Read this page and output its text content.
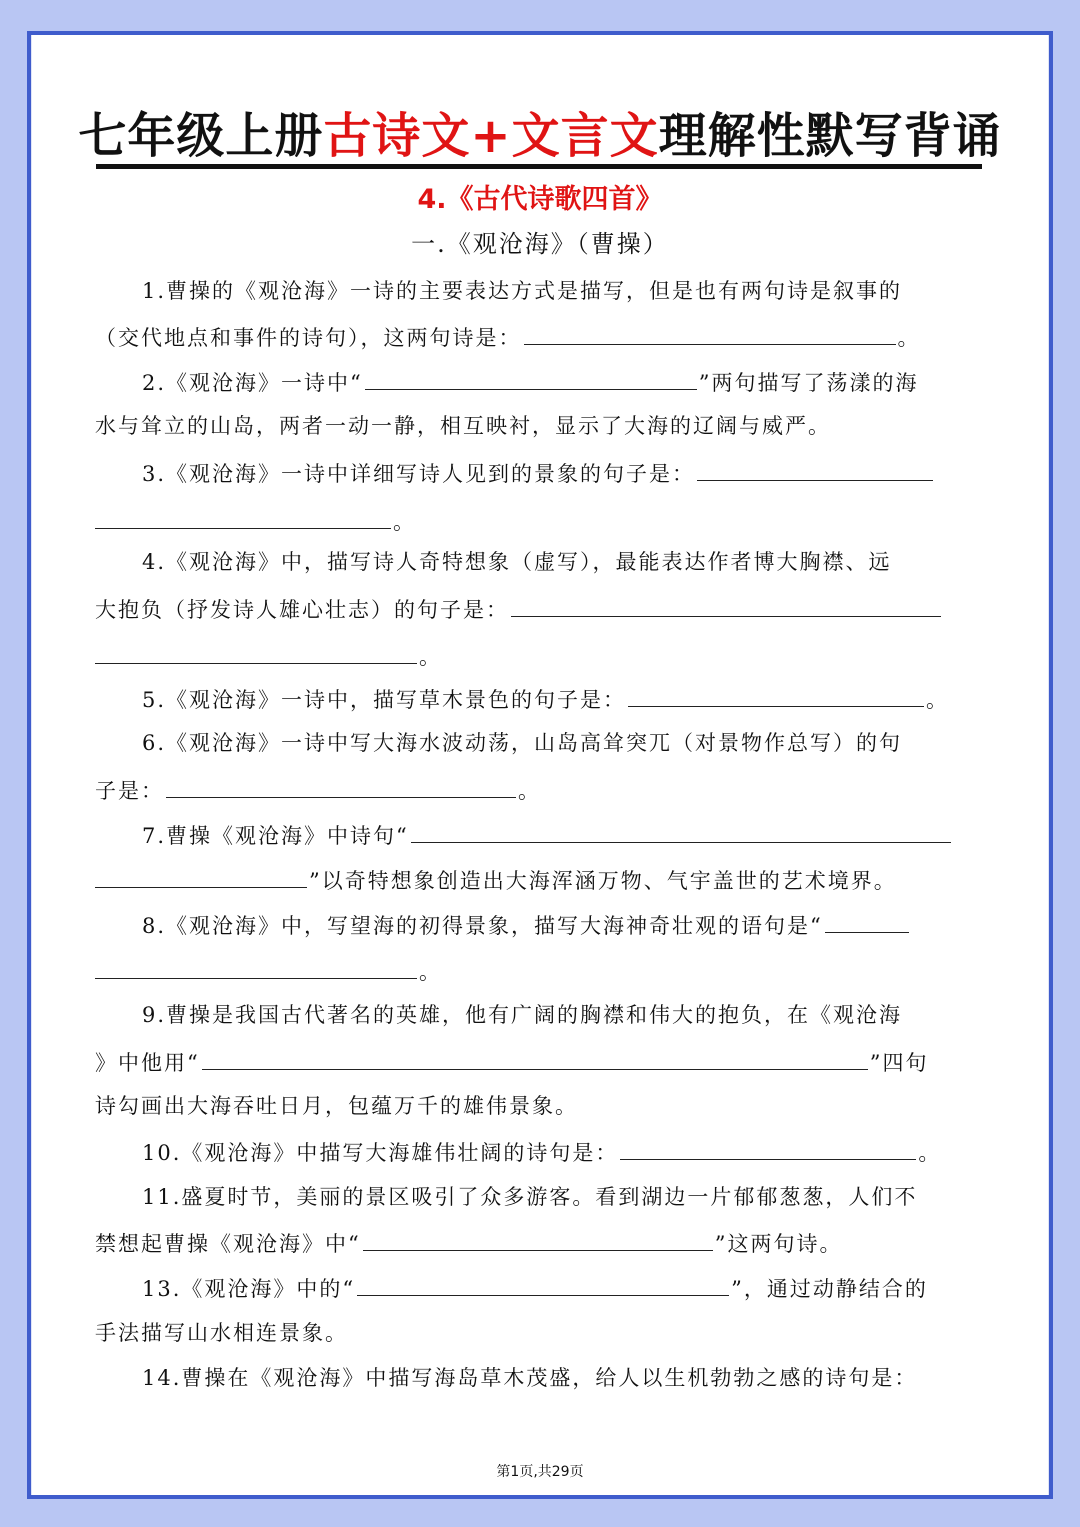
七年级上册古诗文+文言文理解性默写背诵
4.《古代诗歌四首》
一.《观沧海》（曹操）
1.曹操的《观沧海》一诗的主要表达方式是描写，但是也有两句诗是叙事的
（交代地点和事件的诗句），这两句诗是：	。
2.《观沧海》一诗中“	”两句描写了荡漾的海
水与耸立的山岛，两者一动一静，相互映衬，显示了大海的辽阔与威严。
3.《观沧海》一诗中详细写诗人见到的景象的句子是：
。
4.《观沧海》中，描写诗人奇特想象（虚写），最能表达作者博大胸襟、远
大抱负（抒发诗人雄心壮志）的句子是：
。
5.《观沧海》一诗中，描写草木景色的句子是：	。
6.《观沧海》一诗中写大海水波动荡，山岛高耸突兀（对景物作总写）的句
子是：	。
7.曹操《观沧海》中诗句“
”以奇特想象创造出大海浑涵万物、气宇盖世的艺术境界。
8.《观沧海》中，写望海的初得景象，描写大海神奇壮观的语句是“
。
9.曹操是我国古代著名的英雄，他有广阔的胸襟和伟大的抱负，在《观沧海
》中他用“	”四句
诗勾画出大海吞吐日月，包蕴万千的雄伟景象。
10.《观沧海》中描写大海雄伟壮阔的诗句是：	。
11.盛夏时节，美丽的景区吸引了众多游客。看到湖边一片郁郁葱葱，人们不
禁想起曹操《观沧海》中“	”这两句诗。
13.《观沧海》中的“	”，通过动静结合的
手法描写山水相连景象。
14.曹操在《观沧海》中描写海岛草木茂盛，给人以生机勃勃之感的诗句是：
第1页,共29页
